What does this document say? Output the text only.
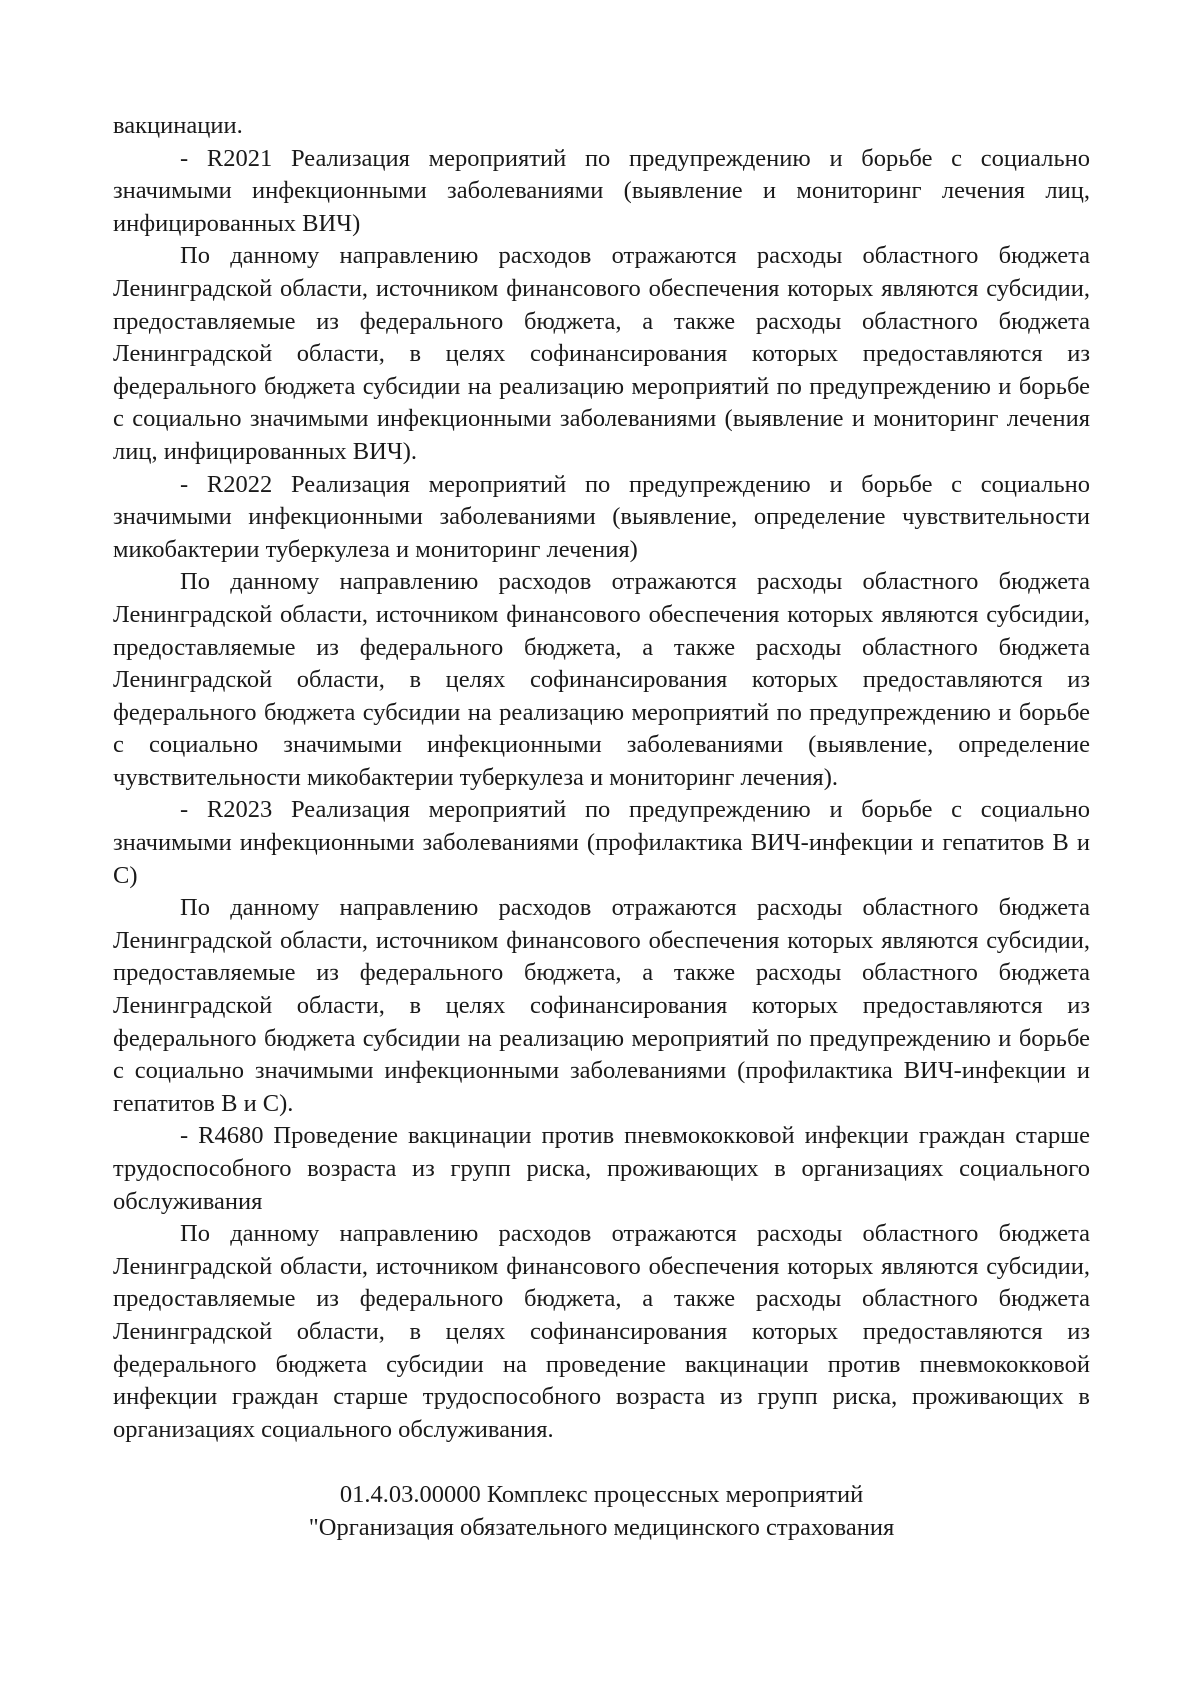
вакцинации.

- R2021 Реализация мероприятий по предупреждению и борьбе с социально значимыми инфекционными заболеваниями (выявление и мониторинг лечения лиц, инфицированных ВИЧ)

По данному направлению расходов отражаются расходы областного бюджета Ленинградской области, источником финансового обеспечения которых являются субсидии, предоставляемые из федерального бюджета, а также расходы областного бюджета Ленинградской области, в целях софинансирования которых предоставляются из федерального бюджета субсидии на реализацию мероприятий по предупреждению и борьбе с социально значимыми инфекционными заболеваниями (выявление и мониторинг лечения лиц, инфицированных ВИЧ).

- R2022 Реализация мероприятий по предупреждению и борьбе с социально значимыми инфекционными заболеваниями (выявление, определение чувствительности микобактерии туберкулеза и мониторинг лечения)

По данному направлению расходов отражаются расходы областного бюджета Ленинградской области, источником финансового обеспечения которых являются субсидии, предоставляемые из федерального бюджета, а также расходы областного бюджета Ленинградской области, в целях софинансирования которых предоставляются из федерального бюджета субсидии на реализацию мероприятий по предупреждению и борьбе с социально значимыми инфекционными заболеваниями (выявление, определение чувствительности микобактерии туберкулеза и мониторинг лечения).

- R2023 Реализация мероприятий по предупреждению и борьбе с социально значимыми инфекционными заболеваниями (профилактика ВИЧ-инфекции и гепатитов В и С)

По данному направлению расходов отражаются расходы областного бюджета Ленинградской области, источником финансового обеспечения которых являются субсидии, предоставляемые из федерального бюджета, а также расходы областного бюджета Ленинградской области, в целях софинансирования которых предоставляются из федерального бюджета субсидии на реализацию мероприятий по предупреждению и борьбе с социально значимыми инфекционными заболеваниями (профилактика ВИЧ-инфекции и гепатитов В и С).

- R4680 Проведение вакцинации против пневмококковой инфекции граждан старше трудоспособного возраста из групп риска, проживающих в организациях социального обслуживания

По данному направлению расходов отражаются расходы областного бюджета Ленинградской области, источником финансового обеспечения которых являются субсидии, предоставляемые из федерального бюджета, а также расходы областного бюджета Ленинградской области, в целях софинансирования которых предоставляются из федерального бюджета субсидии на проведение вакцинации против пневмококковой инфекции граждан старше трудоспособного возраста из групп риска, проживающих в организациях социального обслуживания.

01.4.03.00000 Комплекс процессных мероприятий
"Организация обязательного медицинского страхования
